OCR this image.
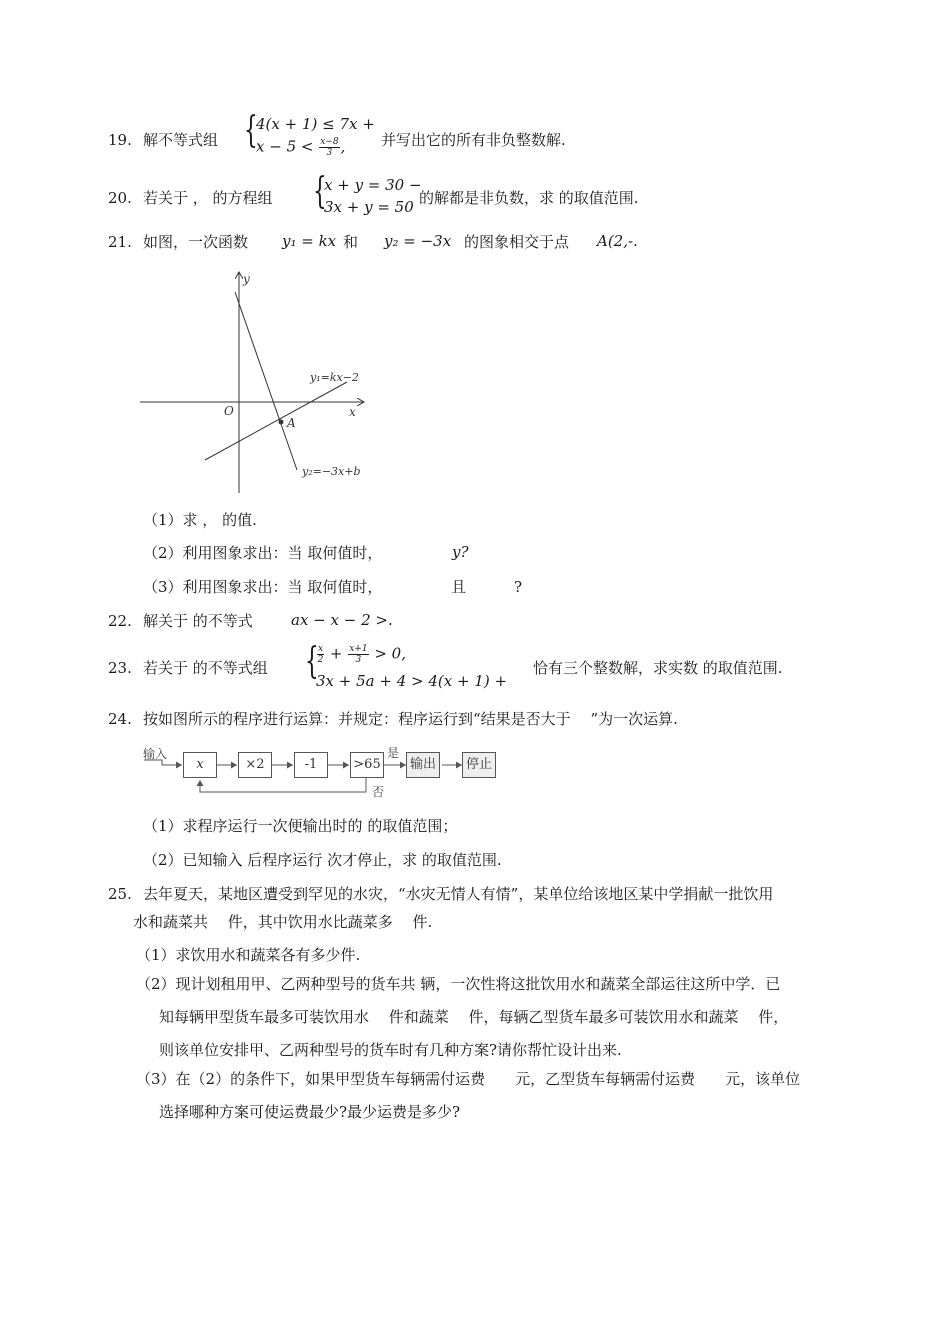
19. 解不等式组 {
4(x + 1) ≤ 7x +
$x - 5 < \frac{x-8}{3}$ , 并写出它的所有非负整数解.
20. 若关于 ， 的方程组 {
x + y = 30 −
3x + y = 50 的解都是非负数，求 的取值范围.
21. 如图，一次函数 y₁ = kx 和 y₂ = −3x 的图象相交于点 A(2,-.
y
x
O
A
y₁=kx−2
y₂=−3x+b
（1）求 ， 的值.
（2）利用图象求出：当 取何值时，	y?
（3）利用图象求出：当 取何值时，	且	?
22. 解关于 的不等式	ax − x − 2 >.
23. 若关于 的不等式组 {
$\frac{x}{2} + \frac{x+1}{3} > 0$,
3x + 5a + 4 > 4(x + 1) +
恰有三个整数解，求实数 的取值范围.
24. 按如图所示的程序进行运算：并规定：程序运行到“结果是否大于　 ”为一次运算.
输入
x	×2	-1	>65
是
否
输出	停止
（1）求程序运行一次便输出时的 的取值范围；
（2）已知输入 后程序运行 次才停止，求 的取值范围.
25. 去年夏天，某地区遭受到罕见的水灾，“水灾无情人有情”，某单位给该地区某中学捐献一批饮用
水和蔬菜共　 件，其中饮用水比蔬菜多　 件.
（1）求饮用水和蔬菜各有多少件.
（2）现计划租用甲、乙两种型号的货车共 辆，一次性将这批饮用水和蔬菜全部运往这所中学．已
知每辆甲型货车最多可装饮用水　 件和蔬菜　 件，每辆乙型货车最多可装饮用水和蔬菜　 件，
则该单位安排甲、乙两种型号的货车时有几种方案?请你帮忙设计出来.
（3）在（2）的条件下，如果甲型货车每辆需付运费　　元，乙型货车每辆需付运费　　元，该单位
选择哪种方案可使运费最少?最少运费是多少?
